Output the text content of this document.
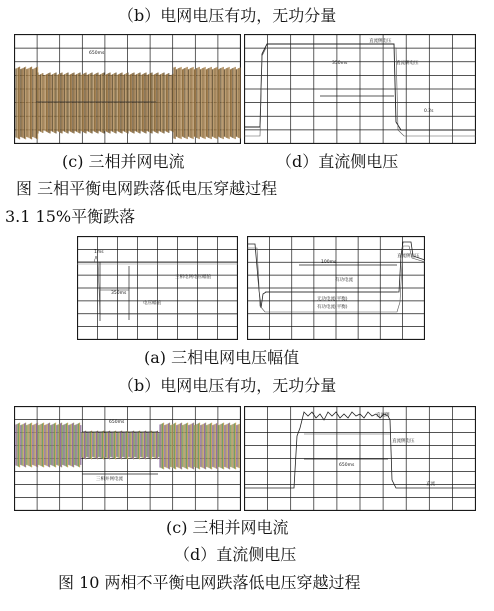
（b）电网电压有功，无功分量
650ms
直流侧电压
350ms	直流侧电压
0.2s
(c) 三相并网电流	（d）直流侧电压
图 三相平衡电网跌落低电压穿越过程
3.1 15%平衡跌落
1ms
三相电网电压幅值
350ms
电压幅值
100ms
直流侧电压
有功电流
无功电流(平衡)
有功电流(平衡)
(a) 三相电网电压幅值
（b）电网电压有功，无功分量
650ms
三相并网电流
直流侧
直流侧电压
650ms
直流
(c) 三相并网电流
（d）直流侧电压
图 10 两相不平衡电网跌落低电压穿越过程
